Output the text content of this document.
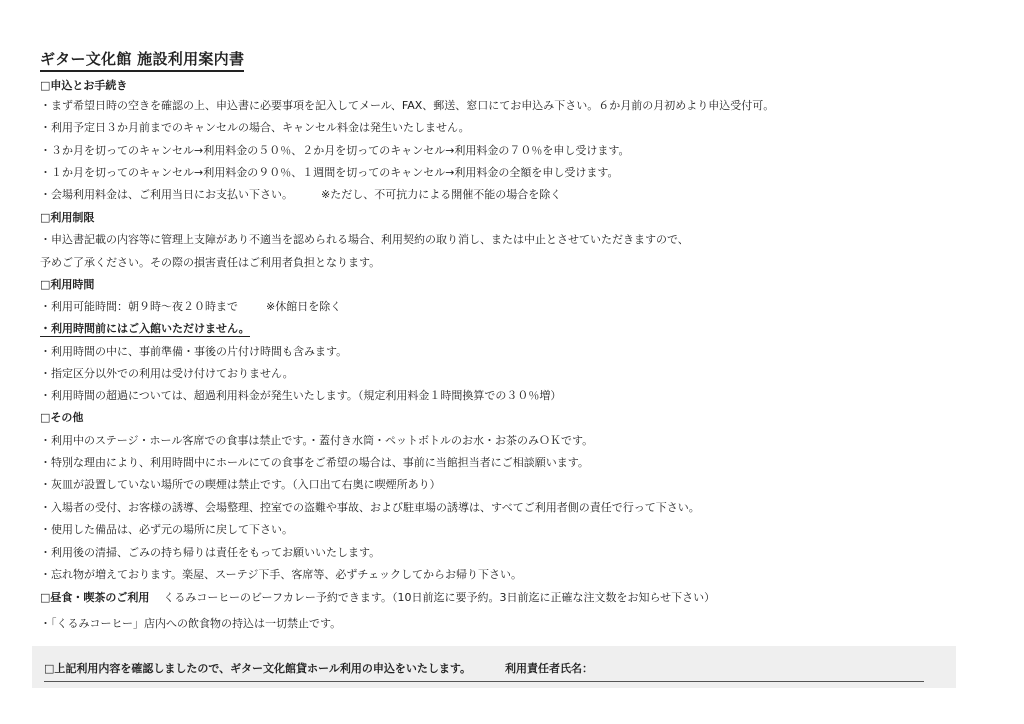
ギター文化館 施設利用案内書
□申込とお手続き
・まず希望日時の空きを確認の上、申込書に必要事項を記入してメール、FAX、郵送、窓口にてお申込み下さい。６か月前の月初めより申込受付可。
・利用予定日３か月前までのキャンセルの場合、キャンセル料金は発生いたしません。
・３か月を切ってのキャンセル→利用料金の５０％、２か月を切ってのキャンセル→利用料金の７０％を申し受けます。
・１か月を切ってのキャンセル→利用料金の９０％、１週間を切ってのキャンセル→利用料金の全額を申し受けます。
・会場利用料金は、ご利用当日にお支払い下さい。	※ただし、不可抗力による開催不能の場合を除く
□利用制限
・申込書記載の内容等に管理上支障があり不適当を認められる場合、利用契約の取り消し、または中止とさせていただきますので、
予めご了承ください。その際の損害責任はご利用者負担となります。
□利用時間
・利用可能時間：朝９時〜夜２０時まで	※休館日を除く
・利用時間前にはご入館いただけません。
・利用時間の中に、事前準備・事後の片付け時間も含みます。
・指定区分以外での利用は受け付けておりません。
・利用時間の超過については、超過利用料金が発生いたします。（規定利用料金１時間換算での３０％増）
□その他
・利用中のステージ・ホール客席での食事は禁止です。・蓋付き水筒・ペットボトルのお水・お茶のみＯＫです。
・特別な理由により、利用時間中にホールにての食事をご希望の場合は、事前に当館担当者にご相談願います。
・灰皿が設置していない場所での喫煙は禁止です。（入口出て右奥に喫煙所あり）
・入場者の受付、お客様の誘導、会場整理、控室での盗難や事故、および駐車場の誘導は、すべてご利用者側の責任で行って下さい。
・使用した備品は、必ず元の場所に戻して下さい。
・利用後の清掃、ごみの持ち帰りは責任をもってお願いいたします。
・忘れ物が増えております。楽屋、スーテジ下手、客席等、必ずチェックしてからお帰り下さい。
□昼食・喫茶のご利用 くるみコーヒーのビーフカレー予約できます。（10日前迄に要予約。3日前迄に正確な注文数をお知らせ下さい）
・「くるみコーヒー」店内への飲食物の持込は一切禁止です。
□上記利用内容を確認しましたので、ギター文化館貸ホール利用の申込をいたします。	利用責任者氏名：
